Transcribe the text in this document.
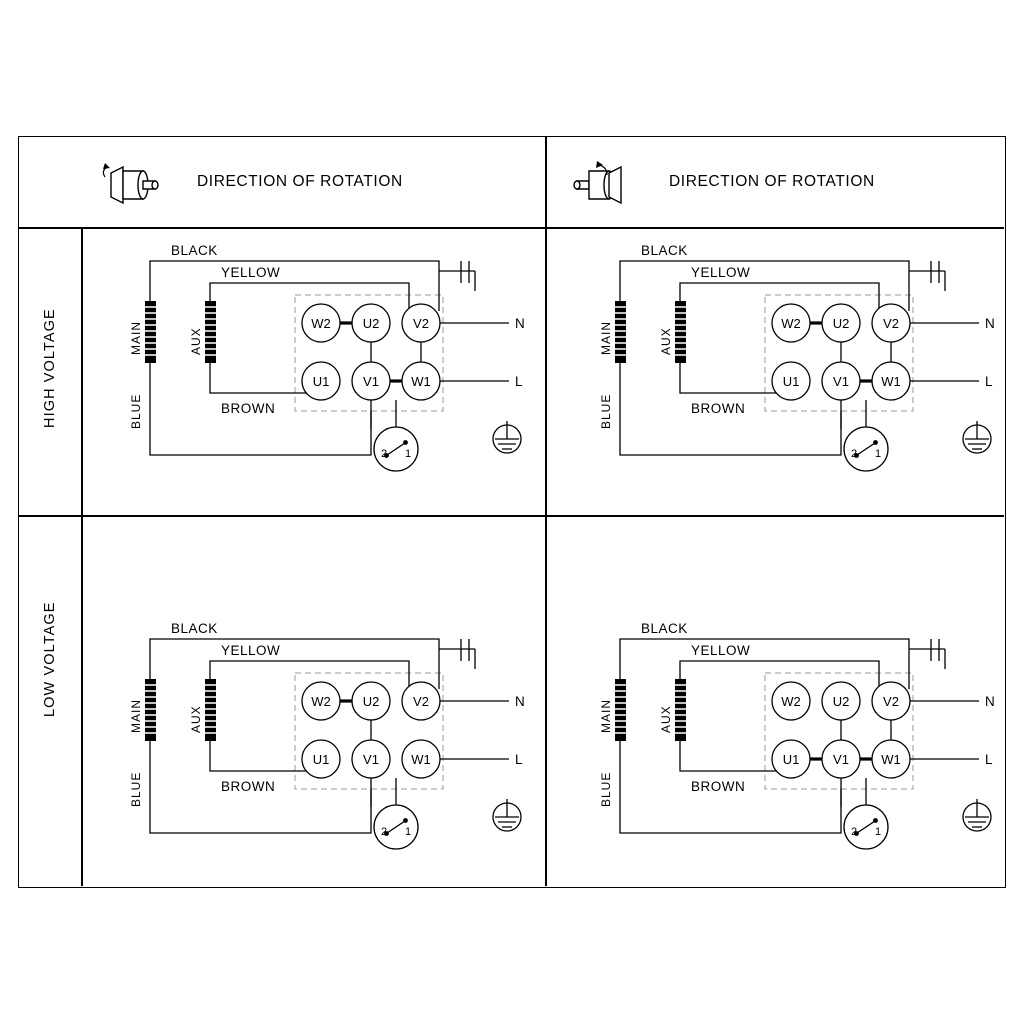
DIRECTION OF ROTATION	DIRECTION OF ROTATION
HIGH VOLTAGE
LOW VOLTAGE
BLACK
YELLOW
BROWN
BLUE
MAIN	AUX
W2 U2	V2
U1	V1 W1
N
L
2 1
BLACK
YELLOW
BROWN
BLUE
MAIN	AUX
W2 U2	V2
U1	V1 W1
N
L
2 1
BLACK
YELLOW
BROWN
BLUE
MAIN	AUX
W2 U2	V2
U1	V1 W1
N
L
2 1
BLACK
YELLOW
BROWN
BLUE
MAIN	AUX
W2 U2	V2
U1	V1 W1
N
L
2 1
